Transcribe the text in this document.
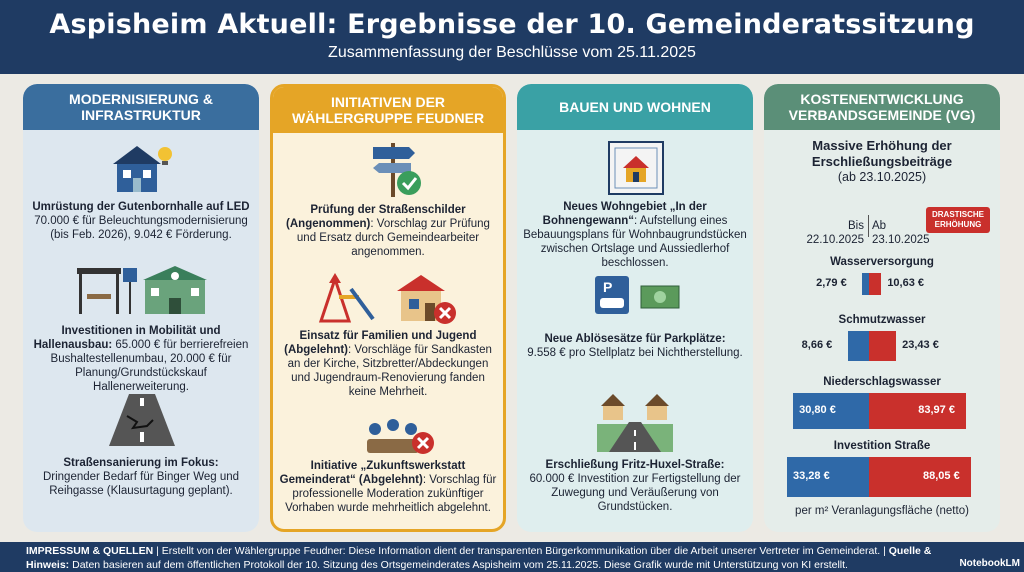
Aspisheim Aktuell: Ergebnisse der 10. Gemeinderatssitzung
Zusammenfassung der Beschlüsse vom 25.11.2025
MODERNISIERUNG & INFRASTRUKTUR
Umrüstung der Gutenbornhalle auf LED
70.000 € für Beleuchtungsmodernisierung (bis Feb. 2026), 9.042 € Förderung.
Investitionen in Mobilität und Hallenausbau: 65.000 € für berrierefreien Bushaltestellenumbau, 20.000 € für Planung/Grundstückskauf Hallenerweiterung.
Straßensanierung im Fokus:
Dringender Bedarf für Binger Weg und Reihgasse (Klausurtagung geplant).
INITIATIVEN DER WÄHLERGRUPPE FEUDNER
Prüfung der Straßenschilder (Angenommen): Vorschlag zur Prüfung und Ersatz durch Gemeindearbeiter angenommen.
Einsatz für Familien und Jugend (Abgelehnt): Vorschläge für Sandkasten an der Kirche, Sitzbretter/Abdeckungen und Jugendraum-Renovierung fanden keine Mehrheit.
Initiative „Zukunftswerkstatt Gemeinderat“ (Abgelehnt): Vorschlag für professionelle Moderation zukünftiger Vorhaben wurde mehrheitlich abgelehnt.
BAUEN UND WOHNEN
Neues Wohngebiet „In der Bohnengewann“: Aufstellung eines Bebauungsplans für Wohnbaugrundstücken zwischen Ortslage und Aussiedlerhof beschlossen.
P
Neue Ablösesätze für Parkplätze:
9.558 € pro Stellplatz bei Nichtherstellung.
Erschließung Fritz-Huxel-Straße:
60.000 € Investition zur Fertigstellung der Zuwegung und Veräußerung von Grundstücken.
KOSTENENTWICKLUNG VERBANDSGEMEINDE (VG)
Massive Erhöhung der Erschließungsbeiträge
(ab 23.10.2025)
Bis
22.10.2025
Ab
23.10.2025
DRASTISCHE ERHÖHUNG
Wasserversorgung
2,79 €	10,63 €
Schmutzwasser
8,66 €	23,43 €
Niederschlagswasser
30,80 €	83,97 €
Investition Straße
33,28 €	88,05 €
per m² Veranlagungsfläche (netto)
IMPRESSUM & QUELLEN | Erstellt von der Wählergruppe Feudner: Diese Information dient der transparenten Bürgerkommunikation über die Arbeit unserer Vertreter im Gemeinderat. | Quelle &
Hinweis: Daten basieren auf dem öffentlichen Protokoll der 10. Sitzung des Ortsgemeinderates Aspisheim vom 25.11.2025. Diese Grafik wurde mit Unterstützung von KI erstellt.	NotebookLM
